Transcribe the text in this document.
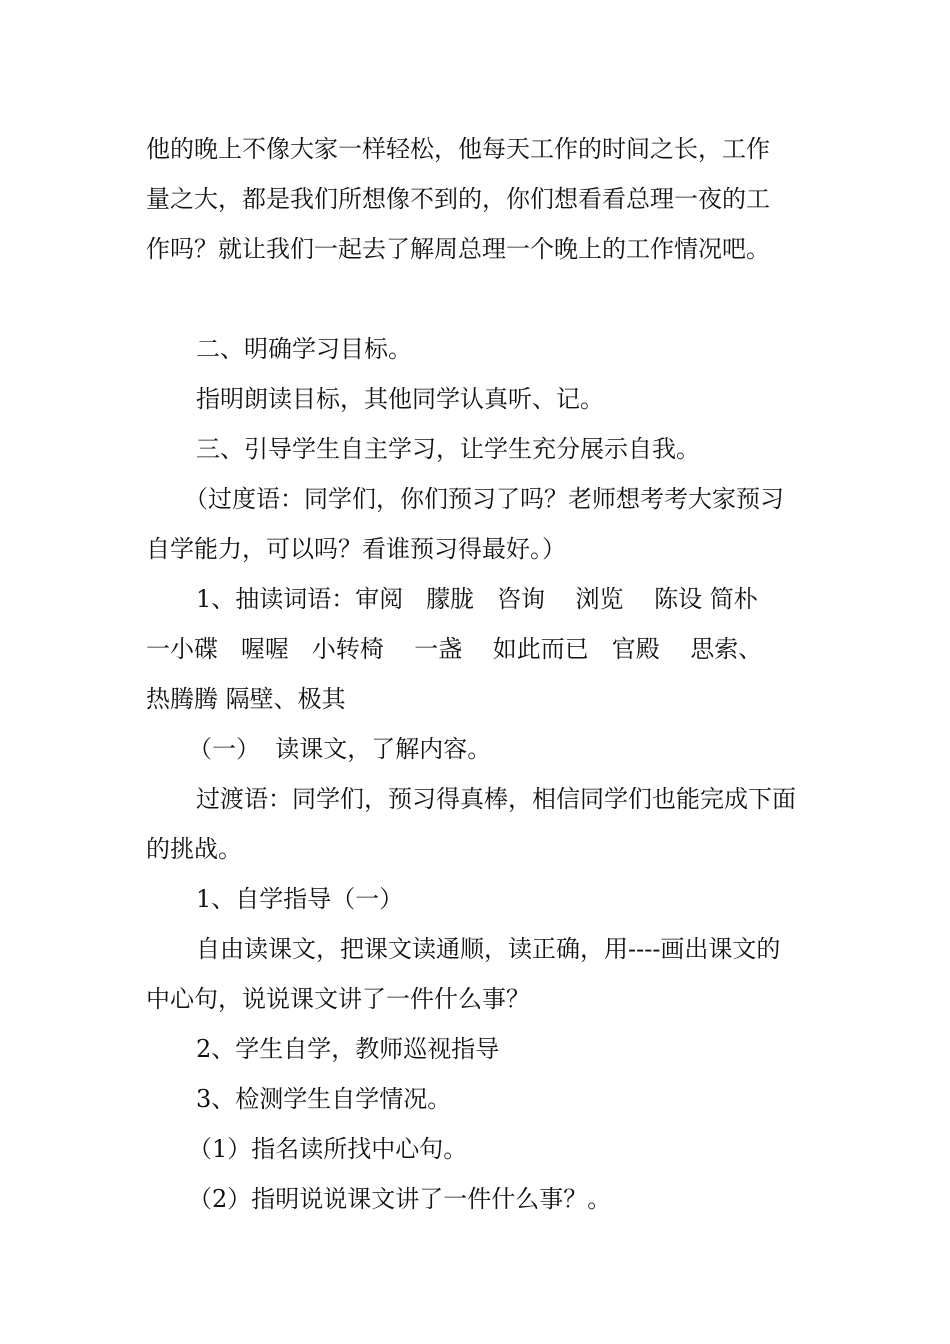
他的晚上不像大家一样轻松，他每天工作的时间之长，工作
量之大，都是我们所想像不到的，你们想看看总理一夜的工
作吗？就让我们一起去了解周总理一个晚上的工作情况吧。
二、明确学习目标。
指明朗读目标，其他同学认真听、记。
三、引导学生自主学习，让学生充分展示自我。
（过度语：同学们，你们预习了吗？老师想考考大家预习
自学能力，可以吗？看谁预习得最好。）
1、抽读词语：审阅   朦胧   咨询    浏览    陈设 简朴
一小碟   喔喔   小转椅    一盏    如此而已   官殿    思索、
热腾腾 隔壁、极其
（一）  读课文，了解内容。
过渡语：同学们，预习得真棒，相信同学们也能完成下面
的挑战。
1、自学指导（一）
自由读课文，把课文读通顺，读正确，用----画出课文的
中心句，说说课文讲了一件什么事？
2、学生自学，教师巡视指导
3、检测学生自学情况。
（1）指名读所找中心句。
（2）指明说说课文讲了一件什么事？。
